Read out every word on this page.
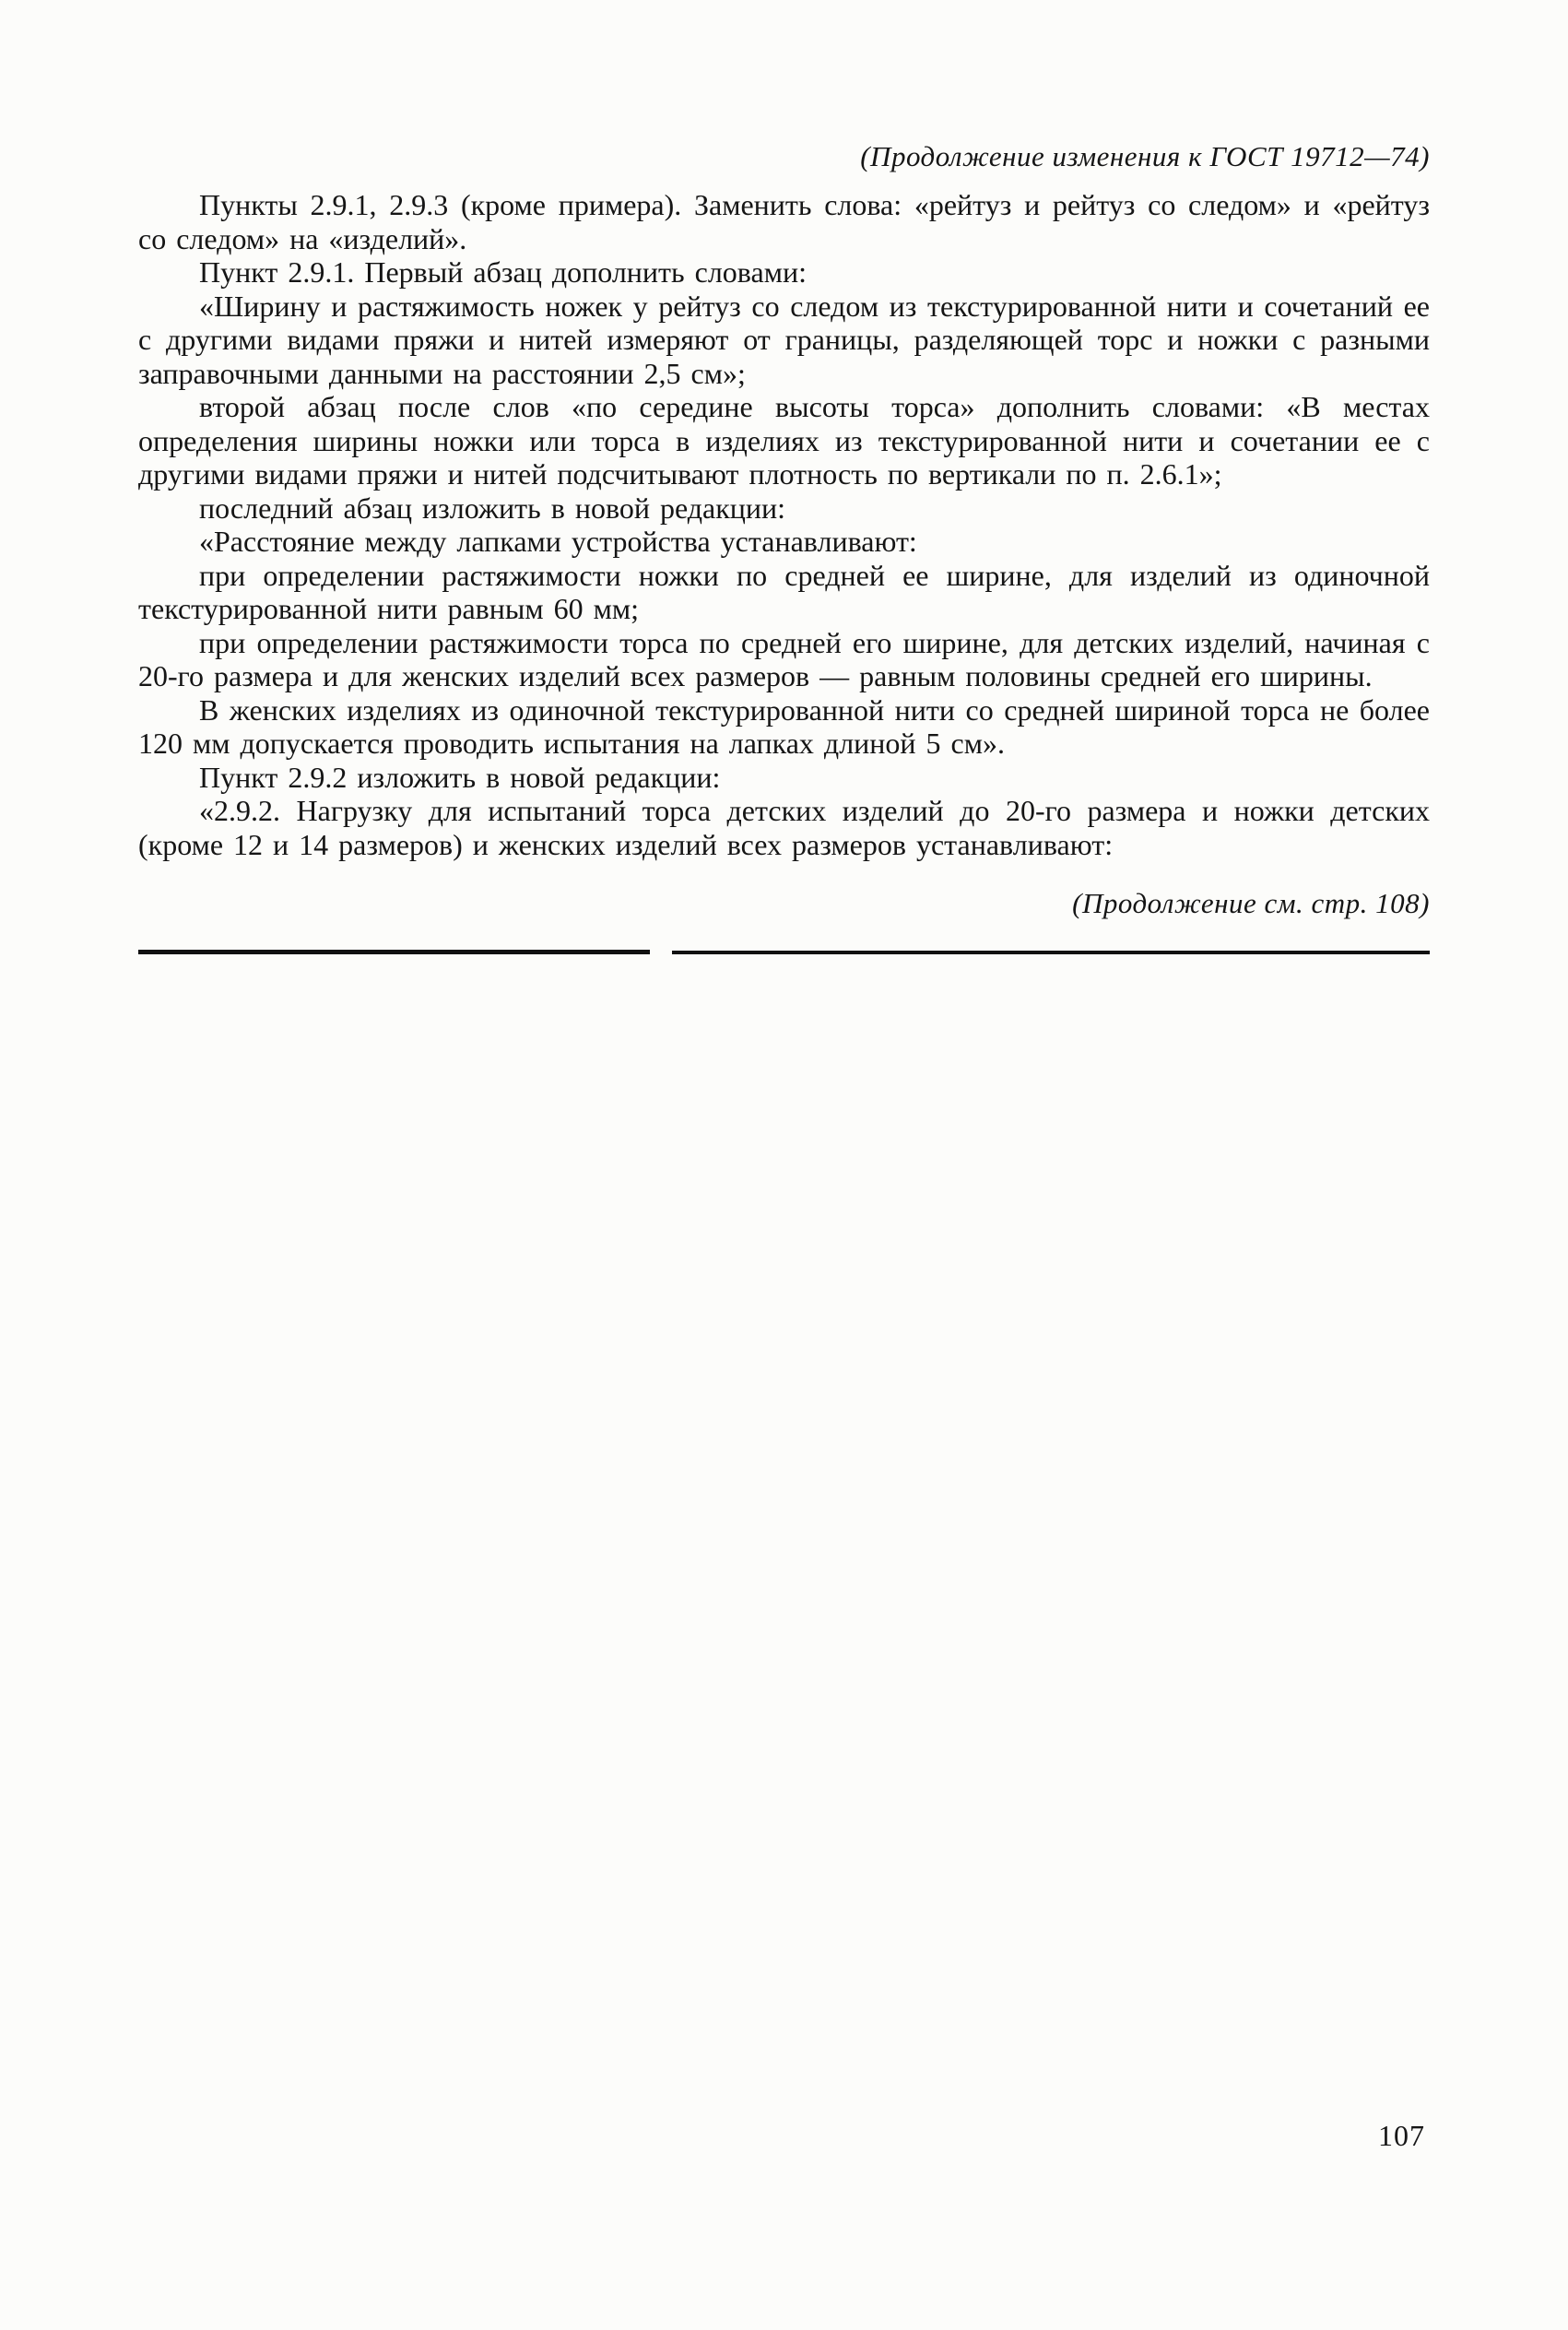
(Продолжение изменения к ГОСТ 19712—74)

Пункты 2.9.1, 2.9.3 (кроме примера). Заменить слова: «рейтуз и рейтуз со следом» и «рейтуз со следом» на «изделий».

Пункт 2.9.1. Первый абзац дополнить словами:

«Ширину и растяжимость ножек у рейтуз со следом из текстурированной нити и сочетаний ее с другими видами пряжи и нитей измеряют от границы, разделяющей торс и ножки с разными заправочными данными на расстоянии 2,5 см»;

второй абзац после слов «по середине высоты торса» дополнить словами: «В местах определения ширины ножки или торса в изделиях из текстурированной нити и сочетании ее с другими видами пряжи и нитей подсчитывают плотность по вертикали по п. 2.6.1»;

последний абзац изложить в новой редакции:

«Расстояние между лапками устройства устанавливают:

при определении растяжимости ножки по средней ее ширине, для изделий из одиночной текстурированной нити равным 60 мм;

при определении растяжимости торса по средней его ширине, для детских изделий, начиная с 20-го размера и для женских изделий всех размеров — равным половины средней его ширины.

В женских изделиях из одиночной текстурированной нити со средней шириной торса не более 120 мм допускается проводить испытания на лапках длиной 5 см».

Пункт 2.9.2 изложить в новой редакции:

«2.9.2. Нагрузку для испытаний торса детских изделий до 20-го размера и ножки детских (кроме 12 и 14 размеров) и женских изделий всех размеров устанавливают:

(Продолжение см. стр. 108)
107
